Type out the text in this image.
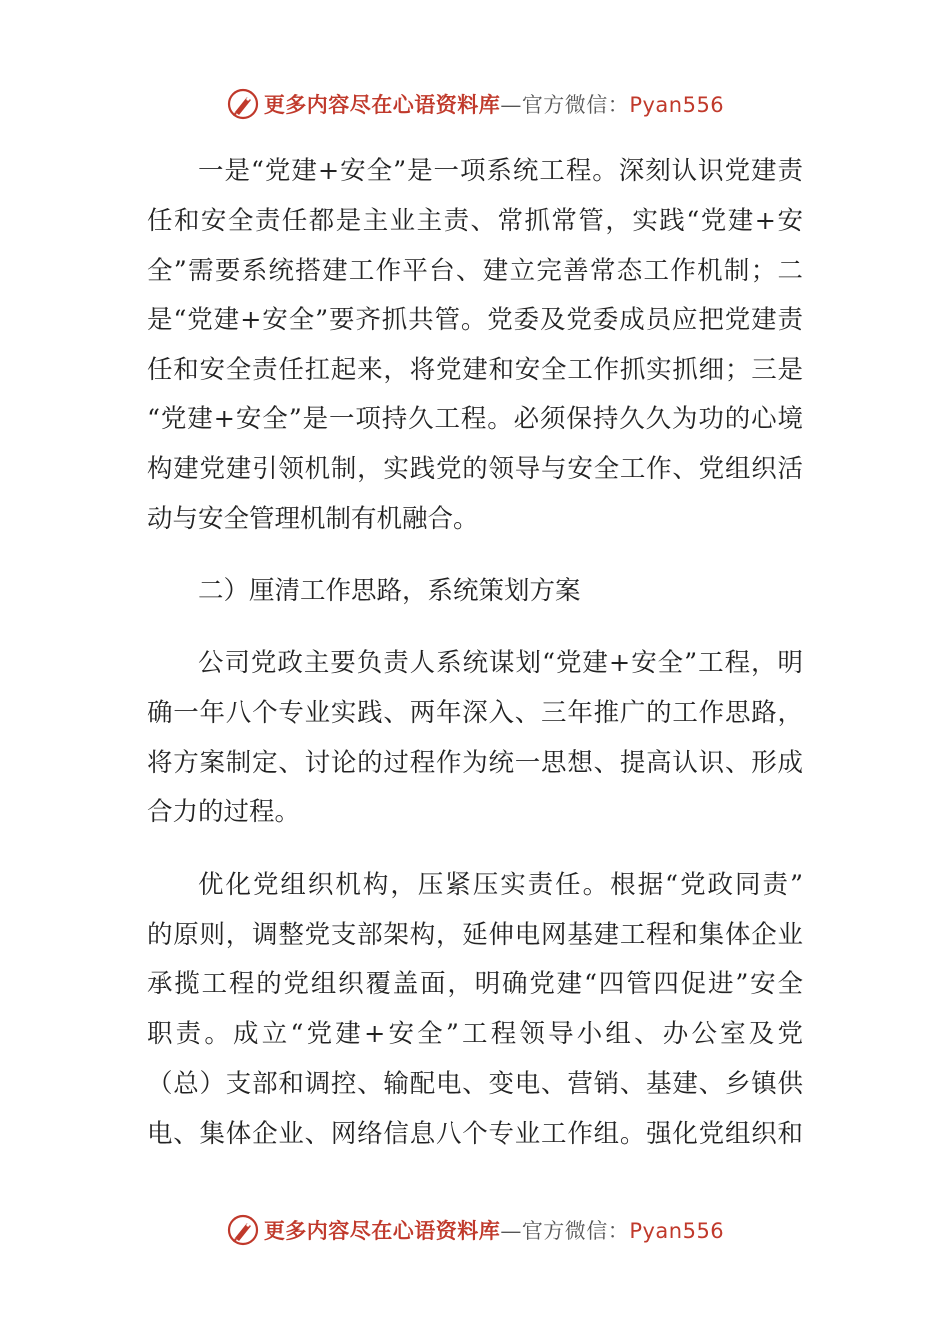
更多内容尽在心语资料库—官方微信：Pyan556
一是“党建+安全”是一项系统工程。深刻认识党建责
任和安全责任都是主业主责、常抓常管，实践“党建+安
全”需要系统搭建工作平台、建立完善常态工作机制；二
是“党建+安全”要齐抓共管。党委及党委成员应把党建责
任和安全责任扛起来，将党建和安全工作抓实抓细；三是
“党建+安全”是一项持久工程。必须保持久久为功的心境
构建党建引领机制，实践党的领导与安全工作、党组织活
动与安全管理机制有机融合。
二）厘清工作思路，系统策划方案
公司党政主要负责人系统谋划“党建+安全”工程，明
确一年八个专业实践、两年深入、三年推广的工作思路，
将方案制定、讨论的过程作为统一思想、提高认识、形成
合力的过程。
优化党组织机构，压紧压实责任。根据“党政同责”
的原则，调整党支部架构，延伸电网基建工程和集体企业
承揽工程的党组织覆盖面，明确党建“四管四促进”安全
职责。成立“党建+安全”工程领导小组、办公室及党
（总）支部和调控、输配电、变电、营销、基建、乡镇供
电、集体企业、网络信息八个专业工作组。强化党组织和
更多内容尽在心语资料库—官方微信：Pyan556
